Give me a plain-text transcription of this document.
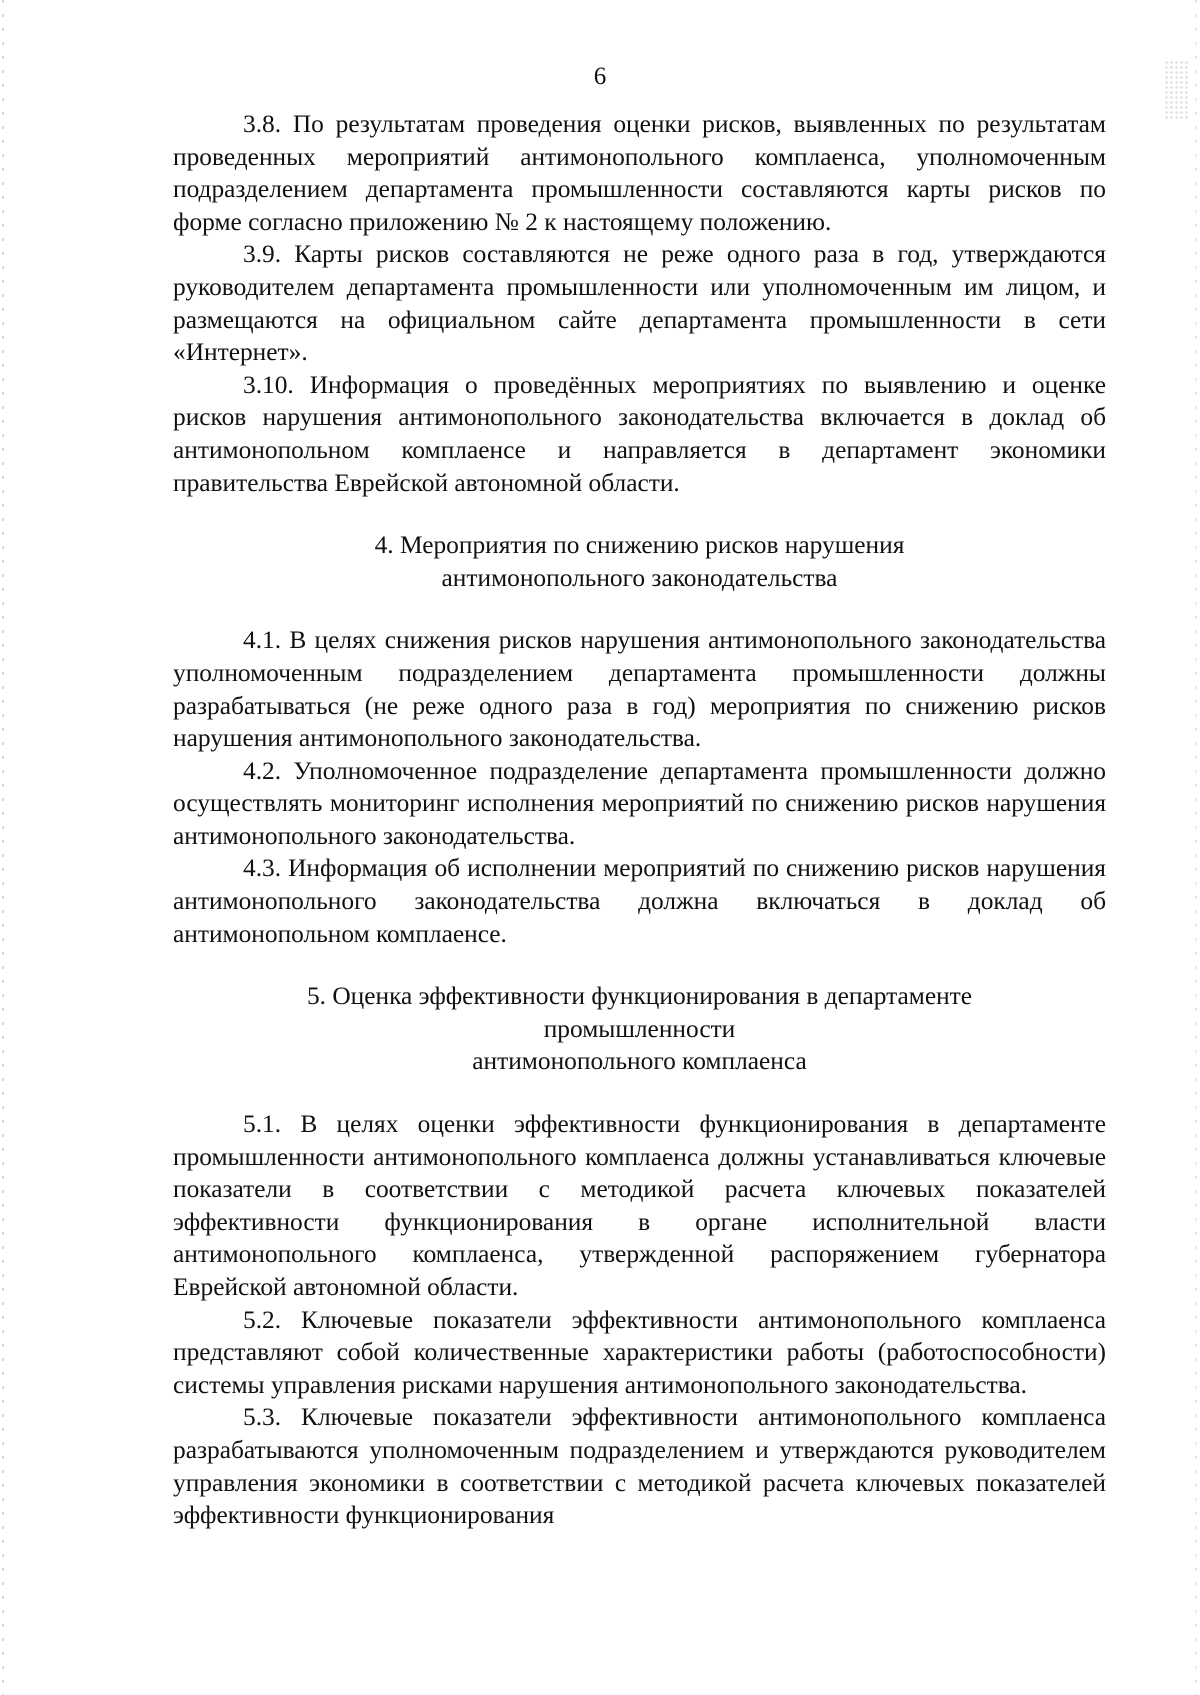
6

3.8. По результатам проведения оценки рисков, выявленных по результатам проведенных мероприятий антимонопольного комплаенса, уполномоченным подразделением департамента промышленности составляются карты рисков по форме согласно приложению № 2 к настоящему положению.

3.9. Карты рисков составляются не реже одного раза в год, утверждаются руководителем департамента промышленности или уполномоченным им лицом, и размещаются на официальном сайте департамента промышленности в сети «Интернет».

3.10. Информация о проведённых мероприятиях по выявлению и оценке рисков нарушения антимонопольного законодательства включается в доклад об антимонопольном комплаенсе и направляется в департамент экономики правительства Еврейской автономной области.

4. Мероприятия по снижению рисков нарушения
антимонопольного законодательства

4.1. В целях снижения рисков нарушения антимонопольного законодательства уполномоченным подразделением департамента промышленности должны разрабатываться (не реже одного раза в год) мероприятия по снижению рисков нарушения антимонопольного законодательства.

4.2. Уполномоченное подразделение департамента промышленности должно осуществлять мониторинг исполнения мероприятий по снижению рисков нарушения антимонопольного законодательства.

4.3. Информация об исполнении мероприятий по снижению рисков нарушения антимонопольного законодательства должна включаться в доклад об антимонопольном комплаенсе.

5. Оценка эффективности функционирования в департаменте
промышленности
антимонопольного комплаенса

5.1. В целях оценки эффективности функционирования в департаменте промышленности антимонопольного комплаенса должны устанавливаться ключевые показатели в соответствии с методикой расчета ключевых показателей эффективности функционирования в органе исполнительной власти антимонопольного комплаенса, утвержденной распоряжением губернатора Еврейской автономной области.

5.2. Ключевые показатели эффективности антимонопольного комплаенса представляют собой количественные характеристики работы (работоспособности) системы управления рисками нарушения антимонопольного законодательства.

5.3. Ключевые показатели эффективности антимонопольного комплаенса разрабатываются уполномоченным подразделением и утверждаются руководителем управления экономики в соответствии с методикой расчета ключевых показателей эффективности функционирования
